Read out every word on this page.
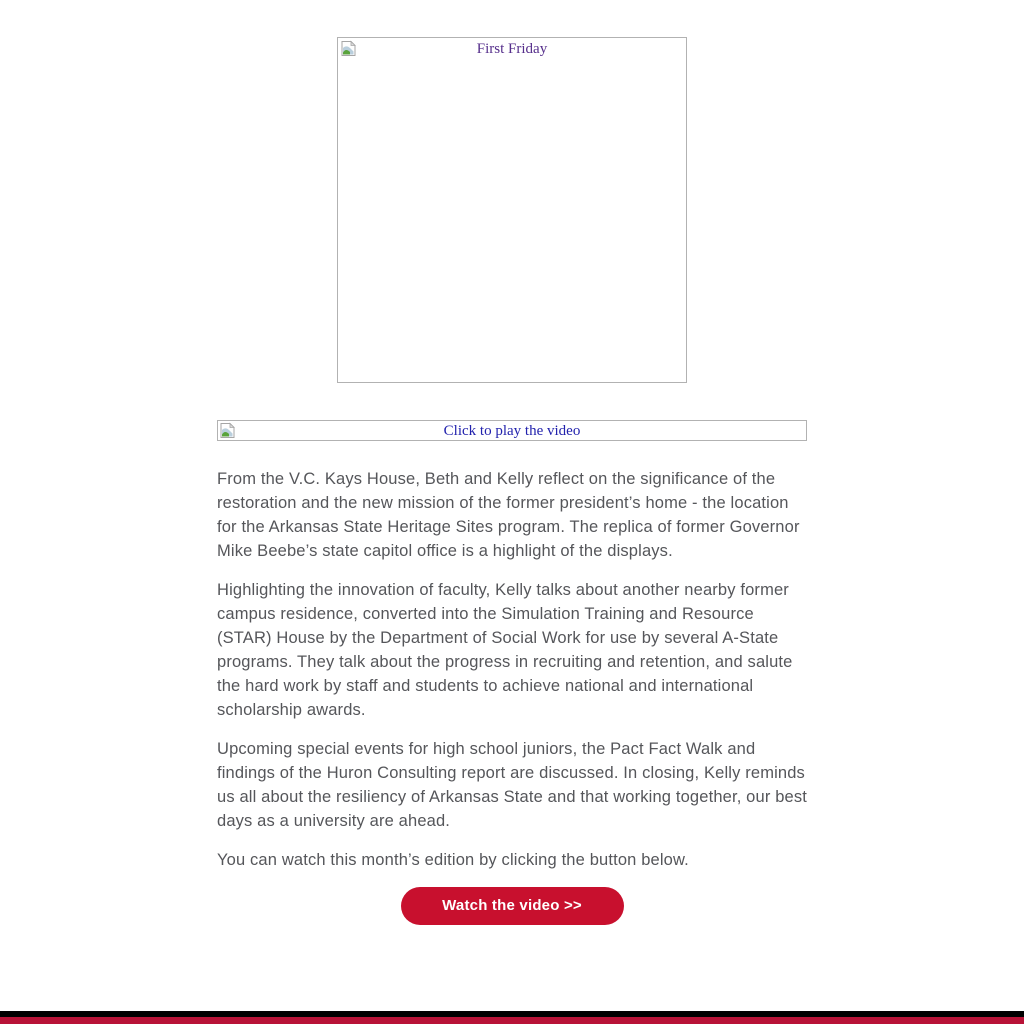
First Friday
Click to play the video

From the V.C. Kays House, Beth and Kelly reflect on the significance of the restoration and the new mission of the former president’s home - the location for the Arkansas State Heritage Sites program. The replica of former Governor Mike Beebe’s state capitol office is a highlight of the displays.

Highlighting the innovation of faculty, Kelly talks about another nearby former campus residence, converted into the Simulation Training and Resource (STAR) House by the Department of Social Work for use by several A-State programs. They talk about the progress in recruiting and retention, and salute the hard work by staff and students to achieve national and international scholarship awards.

Upcoming special events for high school juniors, the Pact Fact Walk and findings of the Huron Consulting report are discussed. In closing, Kelly reminds us all about the resiliency of Arkansas State and that working together, our best days as a university are ahead.

You can watch this month’s edition by clicking the button below.

Watch the video >>
